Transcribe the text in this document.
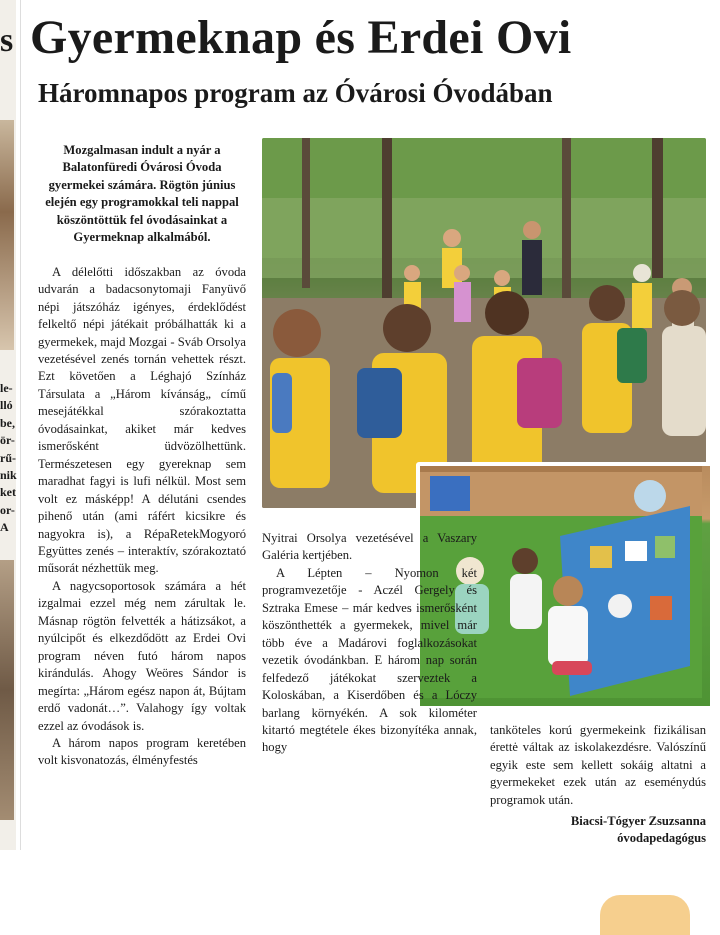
s
le-
lló
be,
ör-
rű-
nik
ket
or-
A
Gyermeknap és Erdei Ovi
Háromnapos program az Óvárosi Óvodában

Mozgalmasan indult a nyár a Balatonfüredi Óvárosi Óvoda gyermekei számára. Rögtön június elején egy programokkal teli nappal köszöntöttük fel óvodásainkat a Gyermeknap alkalmából.

A délelőtti időszakban az óvoda udvarán a badacsonytomaji Fanyüvő népi játszóház igényes, érdeklődést felkeltő népi játékait próbálhatták ki a gyermekek, majd Mozgai - Sváb Orsolya vezetésével zenés tornán vehettek részt. Ezt követően a Léghajó Színház Társulata a „Három kívánság„ című mesejátékkal szórakoztatta óvodásainkat, akiket már kedves ismerősként üdvözölhettünk. Természetesen egy gyereknap sem maradhat fagyi is lufi nélkül. Most sem volt ez másképp! A délutáni csendes pihenő után (ami ráfért kicsikre és nagyokra is), a RépaRetekMogyoró Együttes zenés – interaktív, szórakoztató műsorát nézhettük meg.

A nagycsoportosok számára a hét izgalmai ezzel még nem zárultak le. Másnap rögtön felvették a hátizsákot, a nyúlcipőt és elkezdődött az Erdei Ovi program néven futó három napos kirándulás. Ahogy Weöres Sándor is megírta: „Három egész napon át, Bújtam erdő vadonát…”. Valahogy így voltak ezzel az óvodások is.

A három napos program keretében volt kisvonatozás, élményfestés

Nyitrai Orsolya vezetésével a Vaszary Galéria kertjében.

A Lépten – Nyomon két programvezetője - Aczél Gergely és Sztraka Emese – már kedves ismerősként köszönthették a gyermekek, mivel már több éve a Madárovi foglalkozásokat vezetik óvodánkban. E három nap során felfedező játékokat szerveztek a Koloskában, a Kiserdőben és a Lóczy barlang környékén. A sok kilométer kitartó megtétele ékes bizonyítéka annak, hogy

tanköteles korú gyermekeink fizikálisan érettė váltak az iskolakezdésre. Valószínű egyik este sem kellett sokáig altatni a gyermekeket ezek után az eseménydús programok után.

Biacsi-Tógyer Zsuzsanna
óvodapedagógus
